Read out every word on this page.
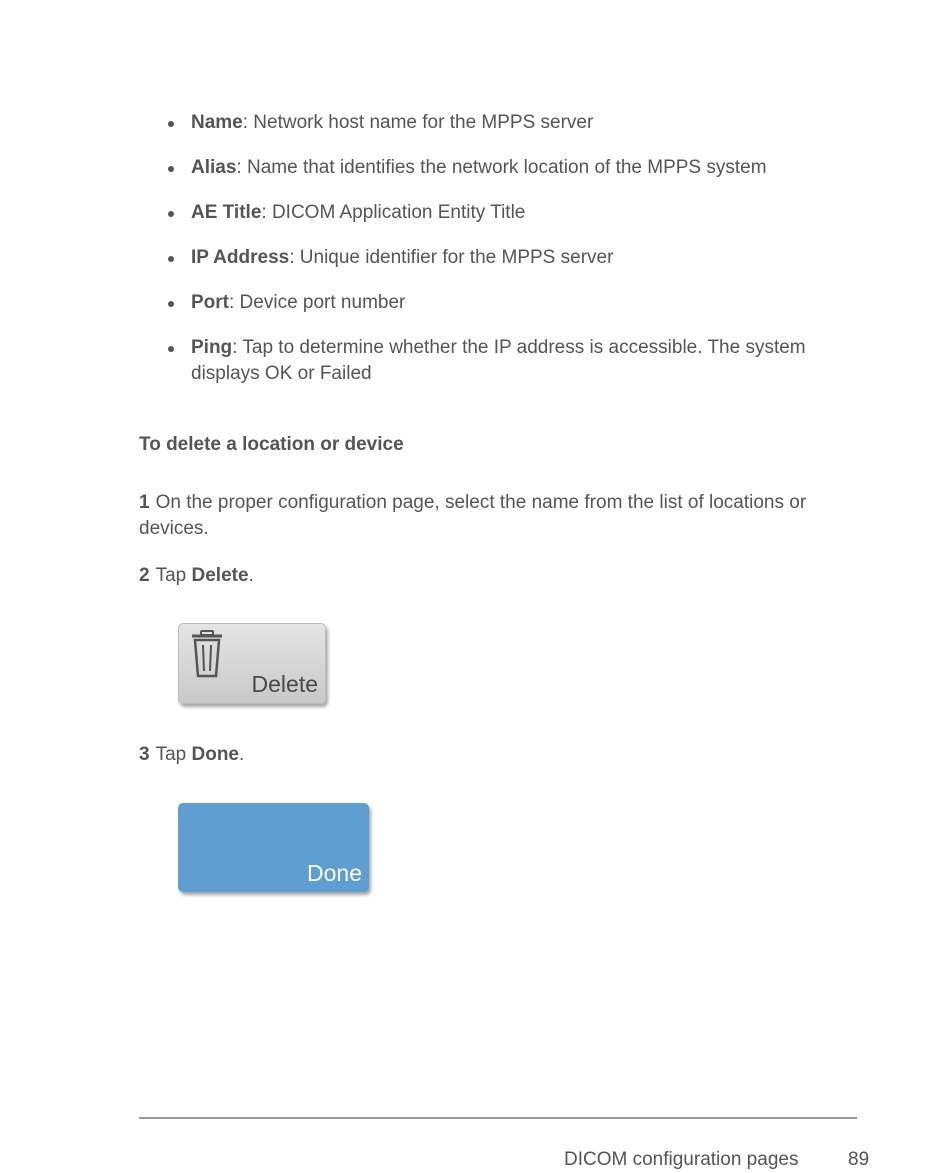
Name: Network host name for the MPPS server
Alias: Name that identifies the network location of the MPPS system
AE Title: DICOM Application Entity Title
IP Address: Unique identifier for the MPPS server
Port: Device port number
Ping: Tap to determine whether the IP address is accessible. The system displays OK or Failed
To delete a location or device

1 On the proper configuration page, select the name from the list of locations or devices.

2 Tap Delete.

Delete

3 Tap Done.

Done
DICOM configuration pages	89
